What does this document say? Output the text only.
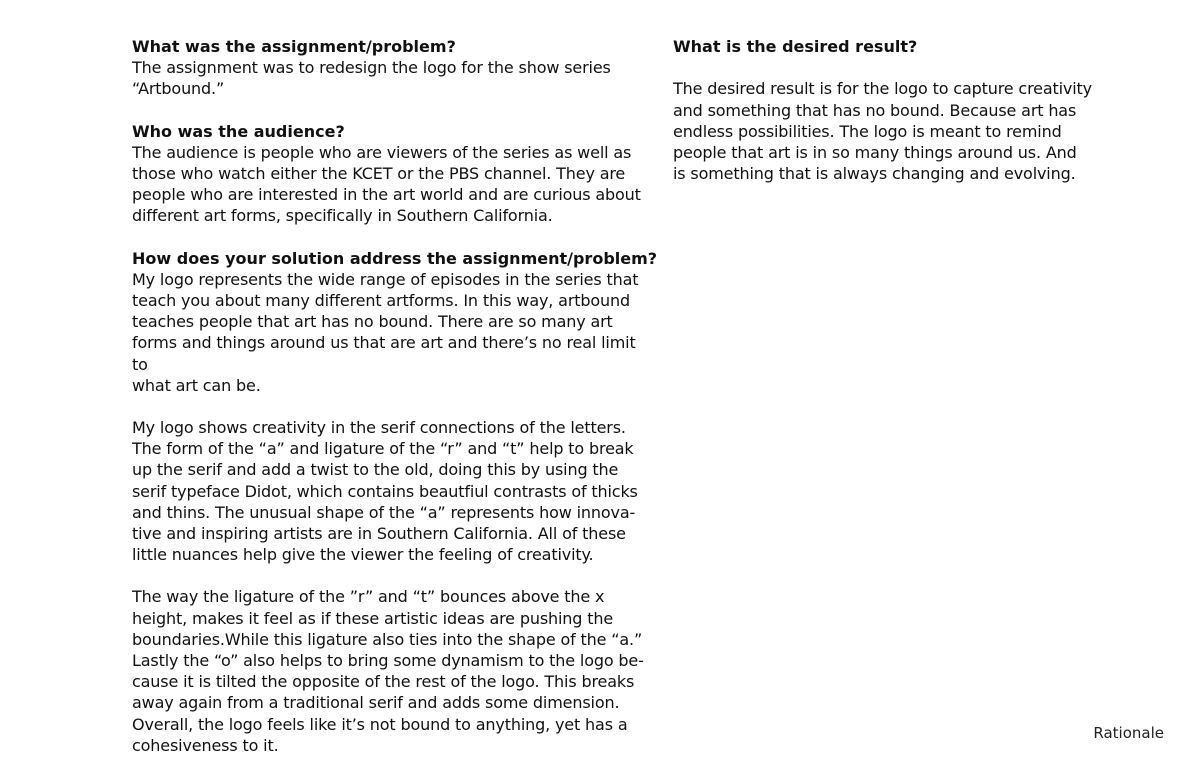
What was the assignment/problem?

The assignment was to redesign the logo for the show series
“Artbound.”

Who was the audience?

The audience is people who are viewers of the series as well as
those who watch either the KCET or the PBS channel. They are
people who are interested in the art world and are curious about
different art forms, specifically in Southern California.

How does your solution address the assignment/problem?

My logo represents the wide range of episodes in the series that
teach you about many different artforms. In this way, artbound
teaches people that art has no bound. There are so many art
forms and things around us that are art and there’s no real limit to
what art can be.

My logo shows creativity in the serif connections of the letters.
The form of the “a” and ligature of the “r” and “t” help to break
up the serif and add a twist to the old, doing this by using the
serif typeface Didot, which contains beautfiul contrasts of thicks
and thins. The unusual shape of the “a” represents how innova-
tive and inspiring artists are in Southern California. All of these
little nuances help give the viewer the feeling of creativity.

The way the ligature of the ”r” and “t” bounces above the x
height, makes it feel as if these artistic ideas are pushing the
boundaries.While this ligature also ties into the shape of the “a.”
Lastly the “o” also helps to bring some dynamism to the logo be-
cause it is tilted the opposite of the rest of the logo. This breaks
away again from a traditional serif and adds some dimension.
Overall, the logo feels like it’s not bound to anything, yet has a
cohesiveness to it.

What is the desired result?

The desired result is for the logo to capture creativity
and something that has no bound. Because art has
endless possibilities. The logo is meant to remind
people that art is in so many things around us. And
is something that is always changing and evolving.

Rationale
